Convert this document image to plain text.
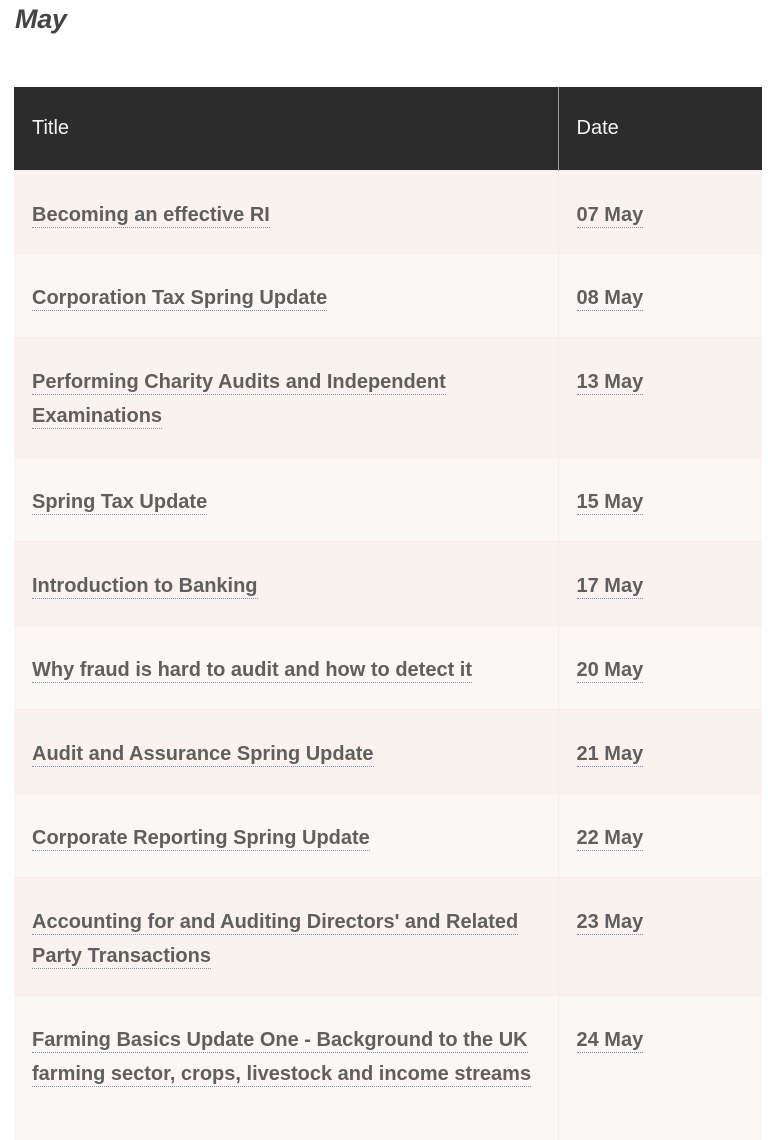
May
Title	Date
Becoming an effective RI	07 May
Corporation Tax Spring Update	08 May
Performing Charity Audits and Independent Examinations	13 May
Spring Tax Update	15 May
Introduction to Banking	17 May
Why fraud is hard to audit and how to detect it	20 May
Audit and Assurance Spring Update	21 May
Corporate Reporting Spring Update	22 May
Accounting for and Auditing Directors' and Related Party Transactions	23 May
Farming Basics Update One - Background to the UK farming sector, crops, livestock and income streams	24 May
